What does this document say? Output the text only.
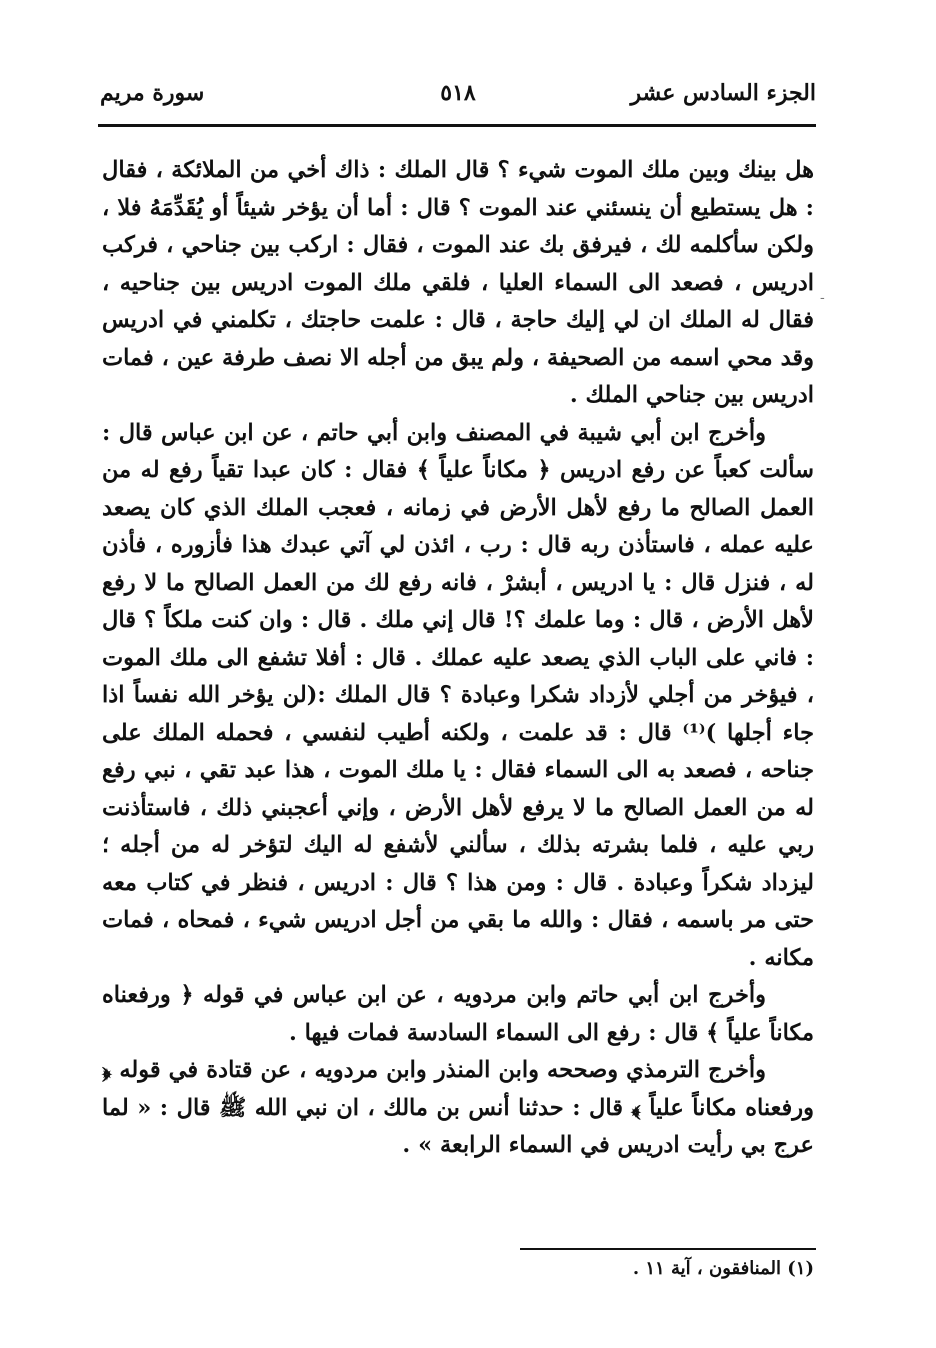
الجزء السادس عشر
٥١٨
سورة مريم
-

هل بينك وبين ملك الموت شيء ؟ قال الملك : ذاك أخي من الملائكة ، فقال : هل يستطيع أن ينسئني عند الموت ؟ قال : أما أن يؤخر شيئاً أو يُقَدِّمَهُ فلا ، ولكن سأكلمه لك ، فيرفق بك عند الموت ، فقال : اركب بين جناحي ، فركب ادريس ، فصعد الى السماء العليا ، فلقي ملك الموت ادريس بين جناحيه ، فقال له الملك ان لي إليك حاجة ، قال : علمت حاجتك ، تكلمني في ادريس وقد محي اسمه من الصحيفة ، ولم يبق من أجله الا نصف طرفة عين ، فمات ادريس بين جناحي الملك .

وأخرج ابن أبي شيبة في المصنف وابن أبي حاتم ، عن ابن عباس قال : سألت كعباً عن رفع ادريس ﴿ مكاناً علياً ﴾ فقال : كان عبدا تقياً رفع له من العمل الصالح ما رفع لأهل الأرض في زمانه ، فعجب الملك الذي كان يصعد عليه عمله ، فاستأذن ربه قال : رب ، ائذن لي آتي عبدك هذا فأزوره ، فأذن له ، فنزل قال : يا ادريس ، أبشرْ ، فانه رفع لك من العمل الصالح ما لا رفع لأهل الأرض ، قال : وما علمك ؟! قال إني ملك . قال : وان كنت ملكاً ؟ قال : فاني على الباب الذي يصعد عليه عملك . قال : أفلا تشفع الى ملك الموت ، فيؤخر من أجلي لأزداد شكرا وعبادة ؟ قال الملك :(لن يؤخر الله نفساً اذا جاء أجلها )⁽¹⁾ قال : قد علمت ، ولكنه أطيب لنفسي ، فحمله الملك على جناحه ، فصعد به الى السماء فقال : يا ملك الموت ، هذا عبد تقي ، نبي رفع له من العمل الصالح ما لا يرفع لأهل الأرض ، وإني أعجبني ذلك ، فاستأذنت ربي عليه ، فلما بشرته بذلك ، سألني لأشفع له اليك لتؤخر له من أجله ؛ ليزداد شكراً وعبادة . قال : ومن هذا ؟ قال : ادريس ، فنظر في كتاب معه حتى مر باسمه ، فقال : والله ما بقي من أجل ادريس شيء ، فمحاه ، فمات مكانه .

وأخرج ابن أبي حاتم وابن مردويه ، عن ابن عباس في قوله ﴿ ورفعناه مكاناً علياً ﴾ قال : رفع الى السماء السادسة فمات فيها .

وأخرج الترمذي وصححه وابن المنذر وابن مردويه ، عن قتادة في قوله ﴿ ورفعناه مكاناً علياً ﴾ قال : حدثنا أنس بن مالك ، ان نبي الله ﷺ قال : « لما عرج بي رأيت ادريس في السماء الرابعة » .

(١) المنافقون ، آية ١١ .
